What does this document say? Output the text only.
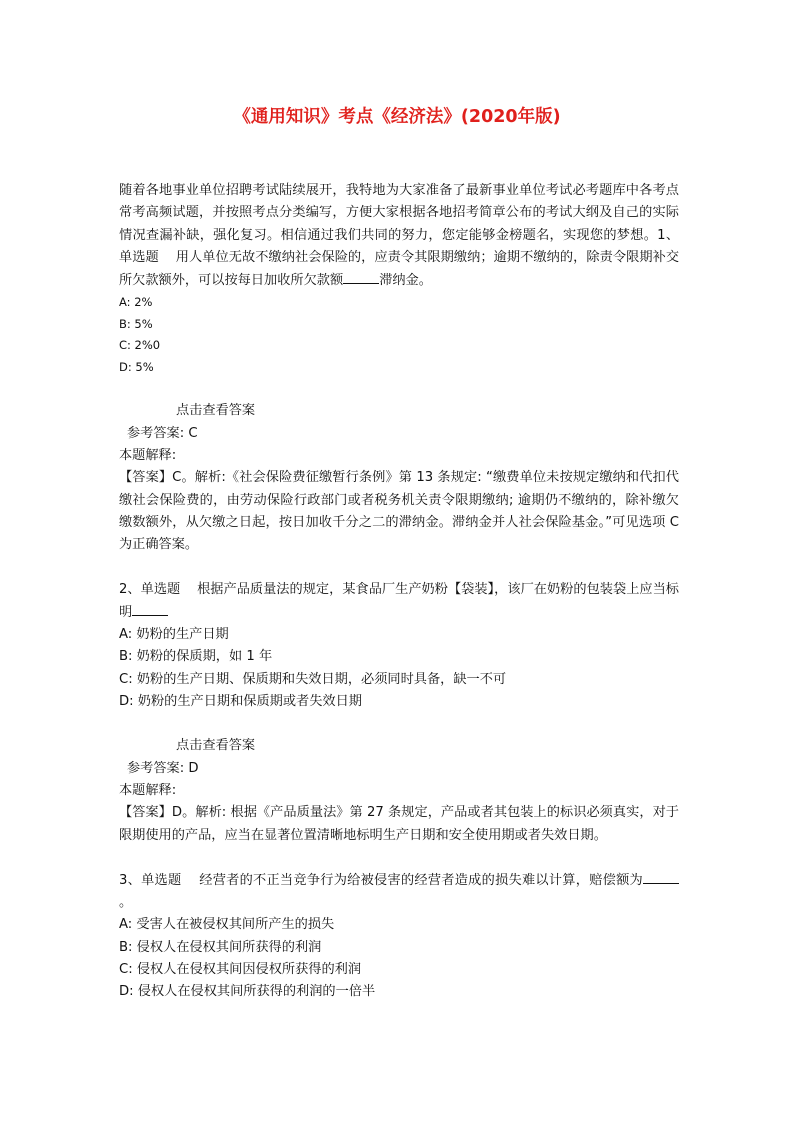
《通用知识》考点《经济法》(2020年版)

随着各地事业单位招聘考试陆续展开，我特地为大家准备了最新事业单位考试必考题库中各考点常考高频试题，并按照考点分类编写，方便大家根据各地招考简章公布的考试大纲及自己的实际情况查漏补缺，强化复习。相信通过我们共同的努力，您定能够金榜题名，实现您的梦想。1、单选题 用人单位无故不缴纳社会保险的，应责令其限期缴纳；逾期不缴纳的，除责令限期补交所欠款额外，可以按每日加收所欠款额	滞纳金。

A: 2%

B: 5%

C: 2%0

D: 5%

点击查看答案

参考答案: C

本题解释:

【答案】C。解析:《社会保险费征缴暂行条例》第 13 条规定: “缴费单位未按规定缴纳和代扣代缴社会保险费的，由劳动保险行政部门或者税务机关责令限期缴纳; 逾期仍不缴纳的，除补缴欠缴数额外，从欠缴之日起，按日加收千分之二的滞纳金。滞纳金并人社会保险基金。”可见选项 C 为正确答案。

2、单选题 根据产品质量法的规定，某食品厂生产奶粉【袋装】，该厂在奶粉的包装袋上应当标明

A: 奶粉的生产日期

B: 奶粉的保质期，如 1 年

C: 奶粉的生产日期、保质期和失效日期，必须同时具备，缺一不可

D: 奶粉的生产日期和保质期或者失效日期

点击查看答案

参考答案: D

本题解释:

【答案】D。解析: 根据《产品质量法》第 27 条规定，产品或者其包装上的标识必须真实，对于限期使用的产品，应当在显著位置清晰地标明生产日期和安全使用期或者失效日期。

3、单选题 经营者的不正当竞争行为给被侵害的经营者造成的损失难以计算，赔偿额为。

A: 受害人在被侵权其间所产生的损失

B: 侵权人在侵权其间所获得的利润

C: 侵权人在侵权其间因侵权所获得的利润

D: 侵权人在侵权其间所获得的利润的一倍半
